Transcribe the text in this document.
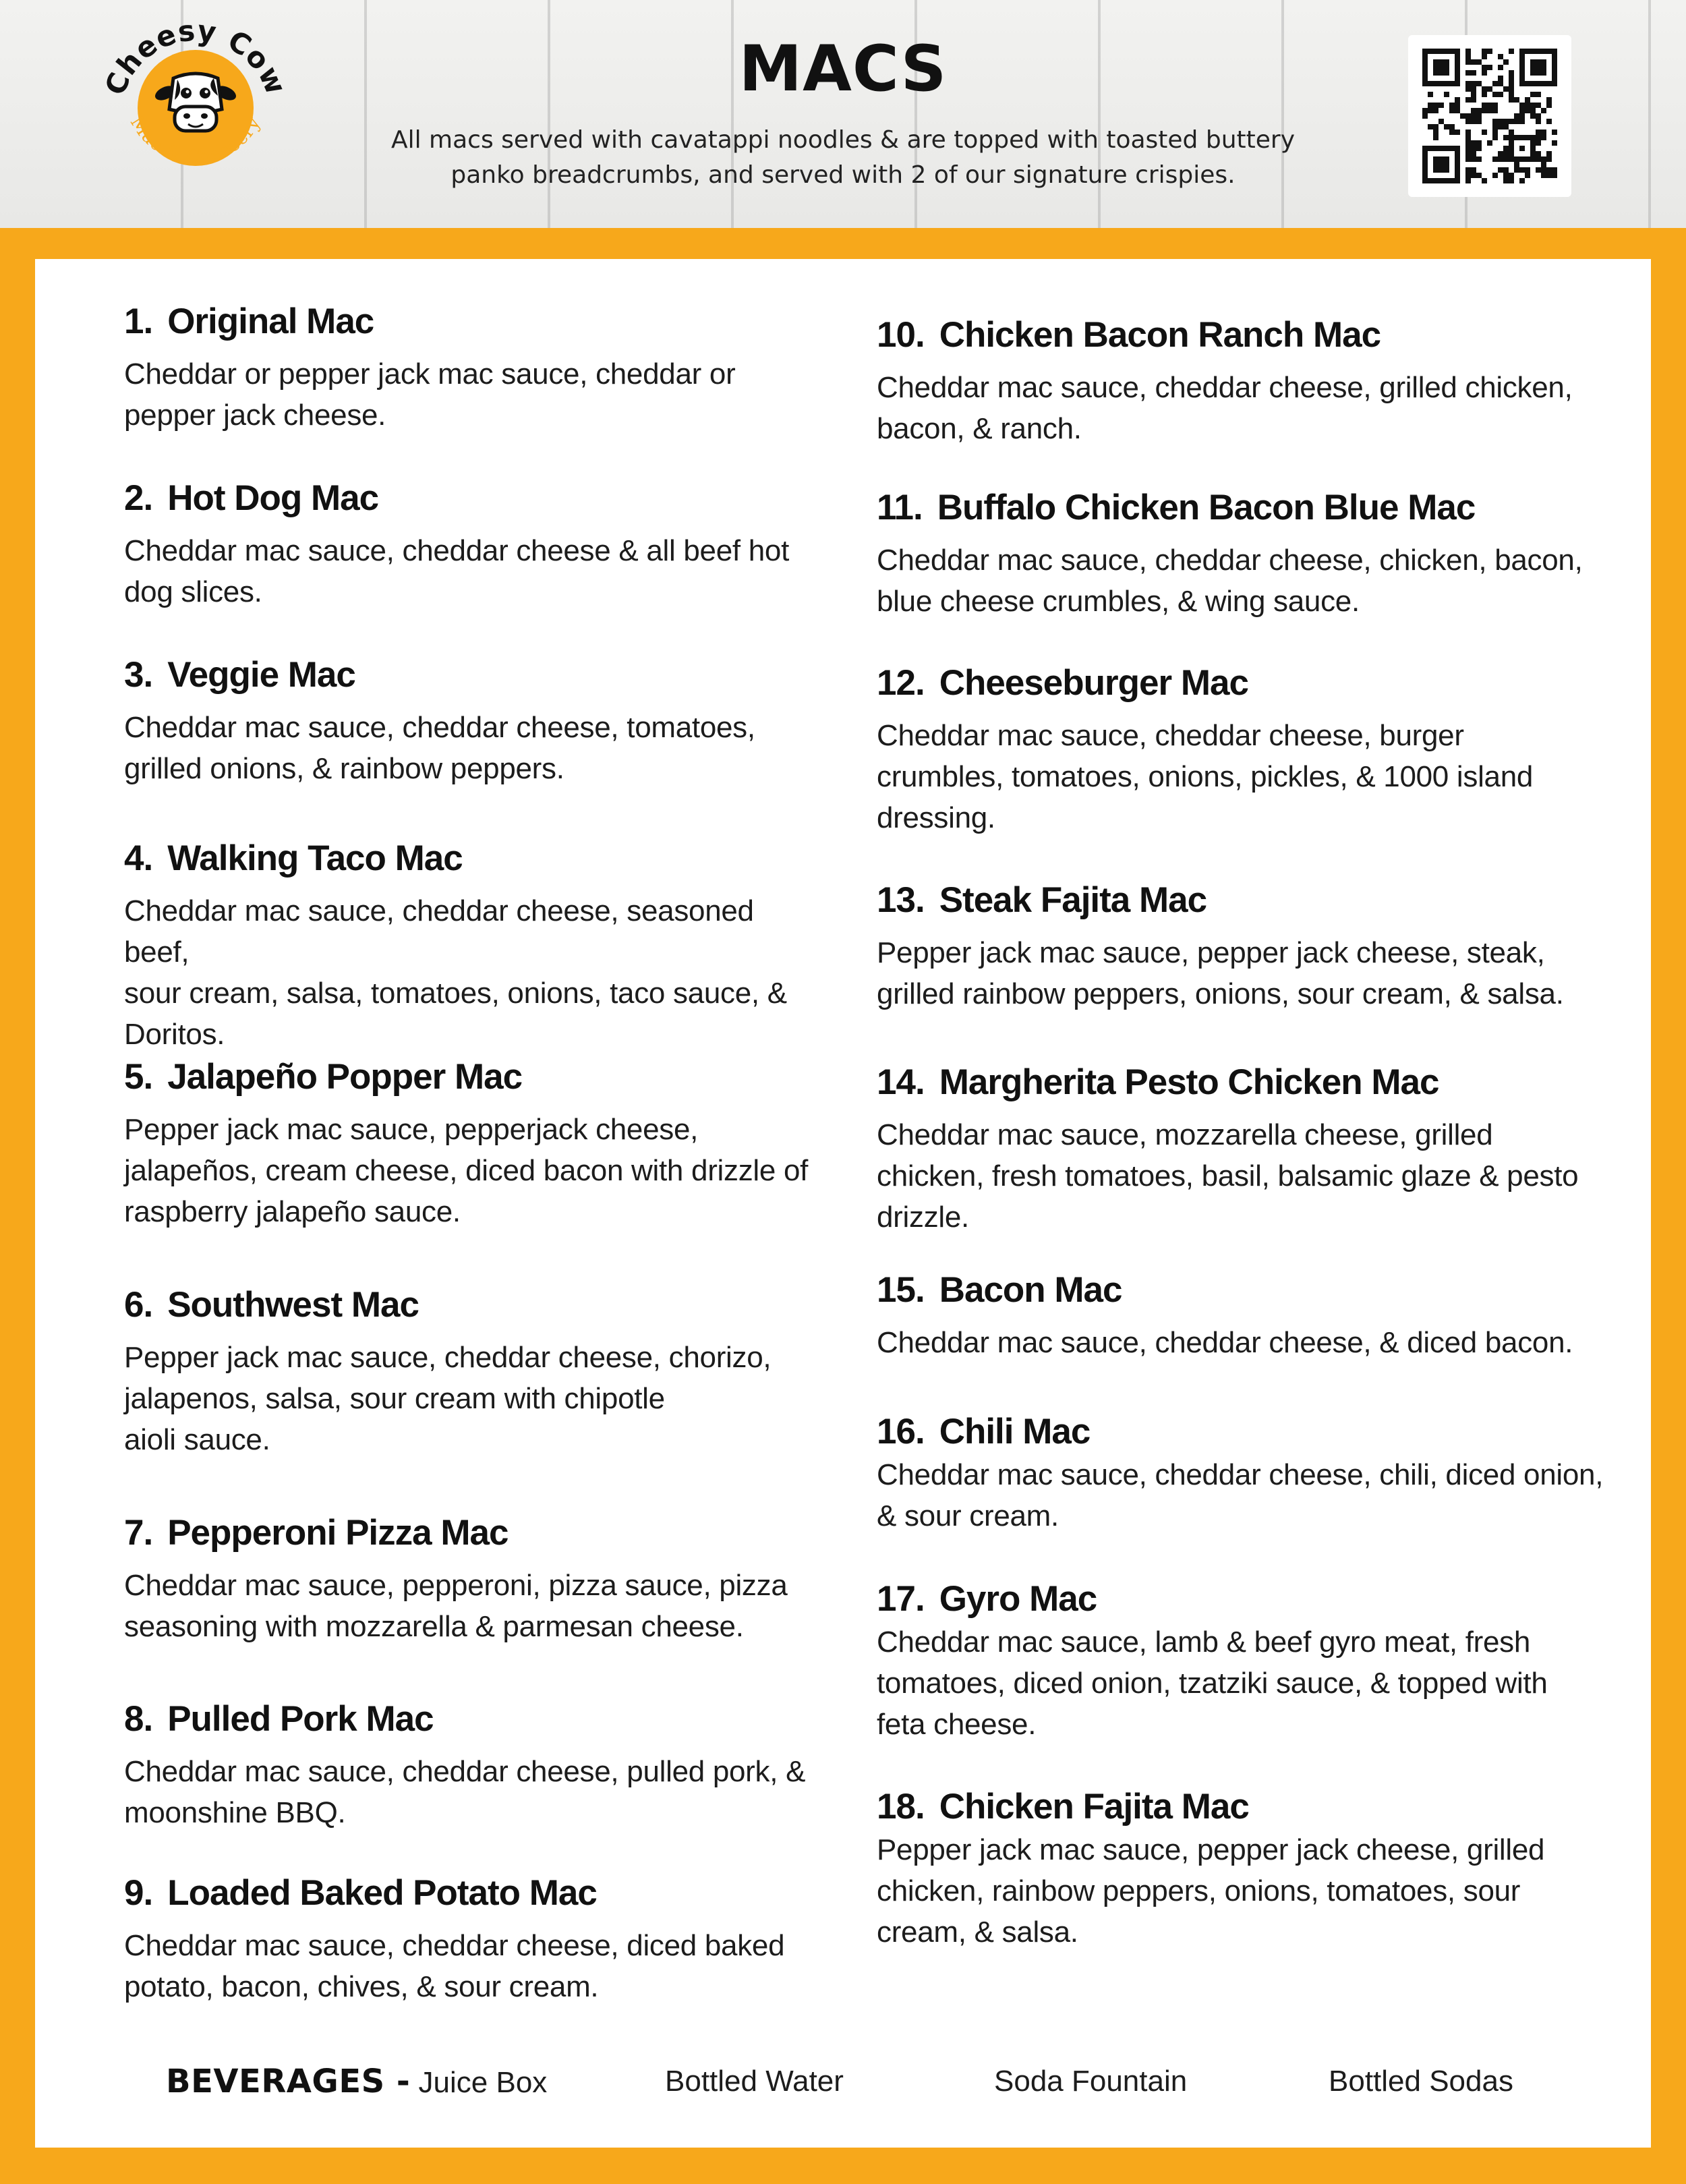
Cheesy Cow
Mac & Cheesery
MACS
All macs served with cavatappi noodles & are topped with toasted buttery
panko breadcrumbs, and served with 2 of our signature crispies.
1. Original Mac
Cheddar or pepper jack mac sauce, cheddar or
pepper jack cheese.
2. Hot Dog Mac
Cheddar mac sauce, cheddar cheese & all beef hot
dog slices.
3. Veggie Mac
Cheddar mac sauce, cheddar cheese, tomatoes,
grilled onions, & rainbow peppers.
4. Walking Taco Mac
Cheddar mac sauce, cheddar cheese, seasoned beef,
sour cream, salsa, tomatoes, onions, taco sauce, &
Doritos.
5. Jalapeño Popper Mac
Pepper jack mac sauce, pepperjack cheese,
jalapeños, cream cheese, diced bacon with drizzle of
raspberry jalapeño sauce.
6. Southwest Mac
Pepper jack mac sauce, cheddar cheese, chorizo,
jalapenos, salsa, sour cream with chipotle
aioli sauce.
7. Pepperoni Pizza Mac
Cheddar mac sauce, pepperoni, pizza sauce, pizza
seasoning with mozzarella & parmesan cheese.
8. Pulled Pork Mac
Cheddar mac sauce, cheddar cheese, pulled pork, &
moonshine BBQ.
9. Loaded Baked Potato Mac
Cheddar mac sauce, cheddar cheese, diced baked
potato, bacon, chives, & sour cream.
10. Chicken Bacon Ranch Mac
Cheddar mac sauce, cheddar cheese, grilled chicken,
bacon, & ranch.
11. Buffalo Chicken Bacon Blue Mac
Cheddar mac sauce, cheddar cheese, chicken, bacon,
blue cheese crumbles, & wing sauce.
12. Cheeseburger Mac
Cheddar mac sauce, cheddar cheese, burger
crumbles, tomatoes, onions, pickles, & 1000 island
dressing.
13. Steak Fajita Mac
Pepper jack mac sauce, pepper jack cheese, steak,
grilled rainbow peppers, onions, sour cream, & salsa.
14. Margherita Pesto Chicken Mac
Cheddar mac sauce, mozzarella cheese, grilled
chicken, fresh tomatoes, basil, balsamic glaze & pesto
drizzle.
15. Bacon Mac
Cheddar mac sauce, cheddar cheese, & diced bacon.
16. Chili Mac
Cheddar mac sauce, cheddar cheese, chili, diced onion,
& sour cream.
17. Gyro Mac
Cheddar mac sauce, lamb & beef gyro meat, fresh
tomatoes, diced onion, tzatziki sauce, & topped with
feta cheese.
18. Chicken Fajita Mac
Pepper jack mac sauce, pepper jack cheese, grilled
chicken, rainbow peppers, onions, tomatoes, sour
cream, & salsa.
BEVERAGES - Juice Box	Bottled Water	Soda Fountain	Bottled Sodas
